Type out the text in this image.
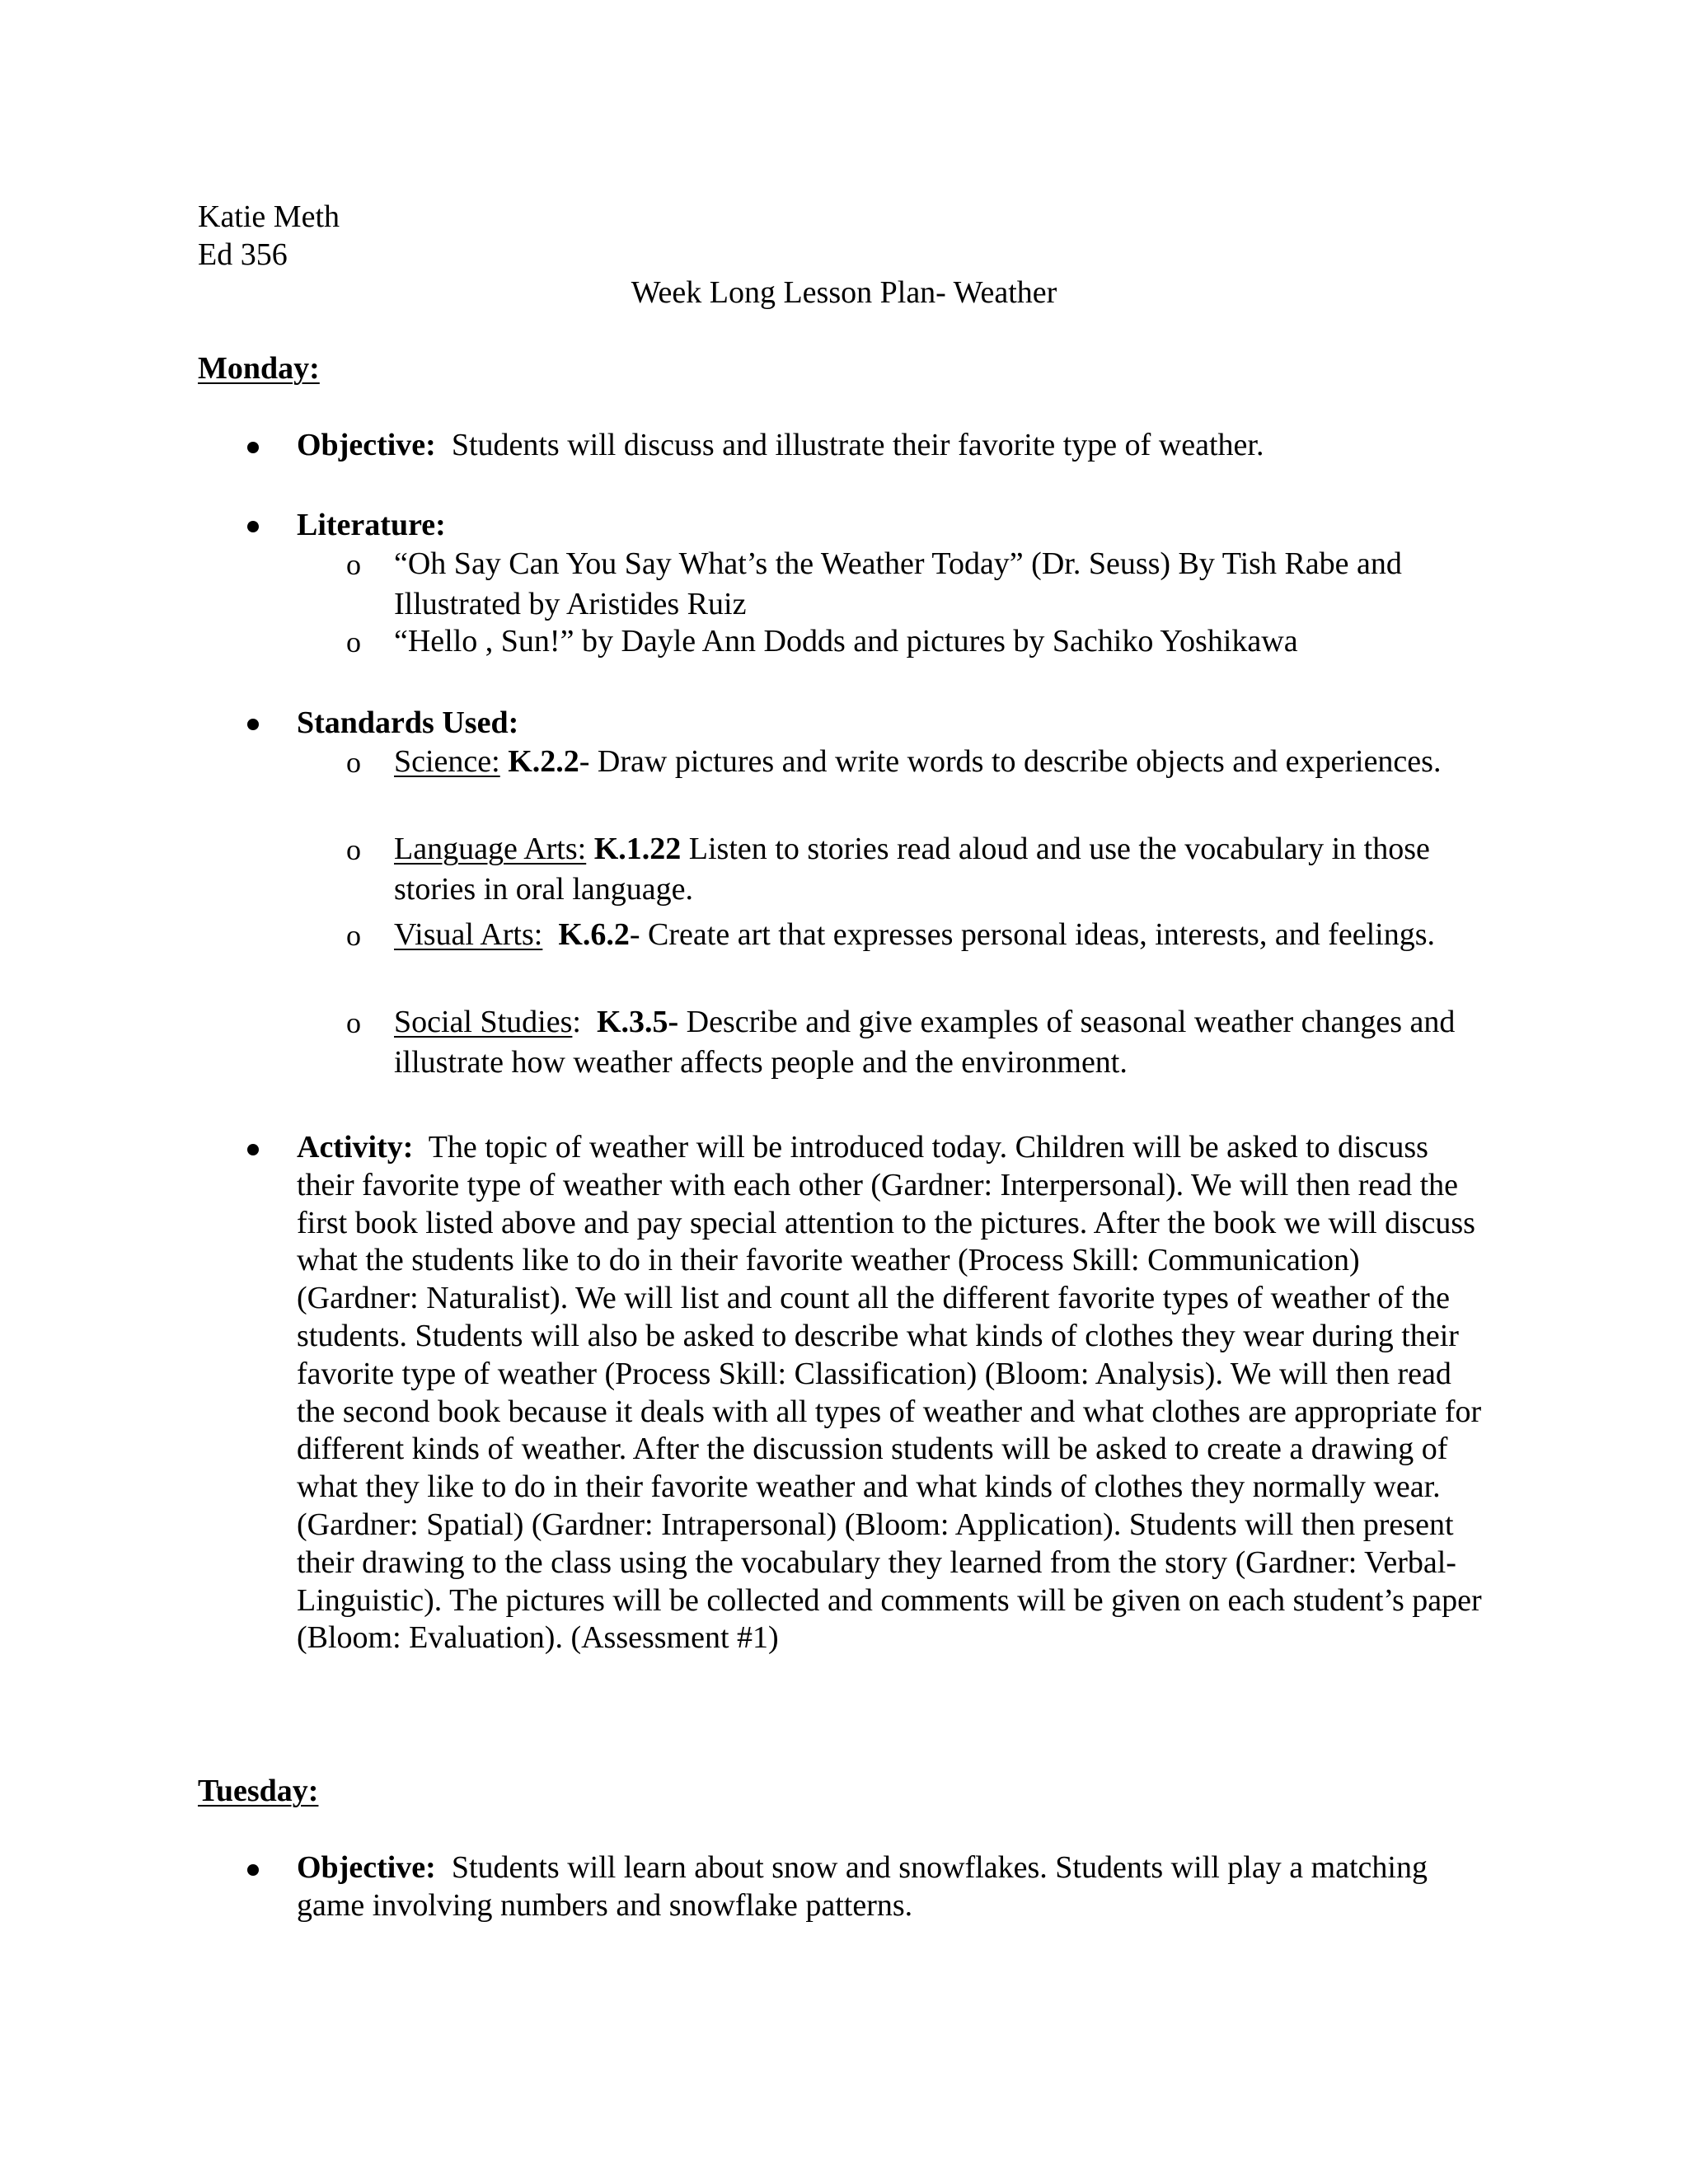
Katie Meth
Ed 356
Week Long Lesson Plan- Weather
Monday:
Objective: Students will discuss and illustrate their favorite type of weather.
Literature:
o “Oh Say Can You Say What’s the Weather Today” (Dr. Seuss) By Tish Rabe and Illustrated by Aristides Ruiz
o “Hello , Sun!” by Dayle Ann Dodds and pictures by Sachiko Yoshikawa
Standards Used:
o Science: K.2.2- Draw pictures and write words to describe objects and experiences.
o Language Arts: K.1.22 Listen to stories read aloud and use the vocabulary in those stories in oral language.
o Visual Arts: K.6.2- Create art that expresses personal ideas, interests, and feelings.
o Social Studies: K.3.5- Describe and give examples of seasonal weather changes and illustrate how weather affects people and the environment.
Activity: The topic of weather will be introduced today. Children will be asked to discuss their favorite type of weather with each other (Gardner: Interpersonal). We will then read the first book listed above and pay special attention to the pictures. After the book we will discuss what the students like to do in their favorite weather (Process Skill: Communication) (Gardner: Naturalist). We will list and count all the different favorite types of weather of the students. Students will also be asked to describe what kinds of clothes they wear during their favorite type of weather (Process Skill: Classification) (Bloom: Analysis). We will then read the second book because it deals with all types of weather and what clothes are appropriate for different kinds of weather. After the discussion students will be asked to create a drawing of what they like to do in their favorite weather and what kinds of clothes they normally wear. (Gardner: Spatial) (Gardner: Intrapersonal) (Bloom: Application). Students will then present their drawing to the class using the vocabulary they learned from the story (Gardner: Verbal-Linguistic). The pictures will be collected and comments will be given on each student’s paper (Bloom: Evaluation). (Assessment #1)
Tuesday:
Objective: Students will learn about snow and snowflakes. Students will play a matching game involving numbers and snowflake patterns.
